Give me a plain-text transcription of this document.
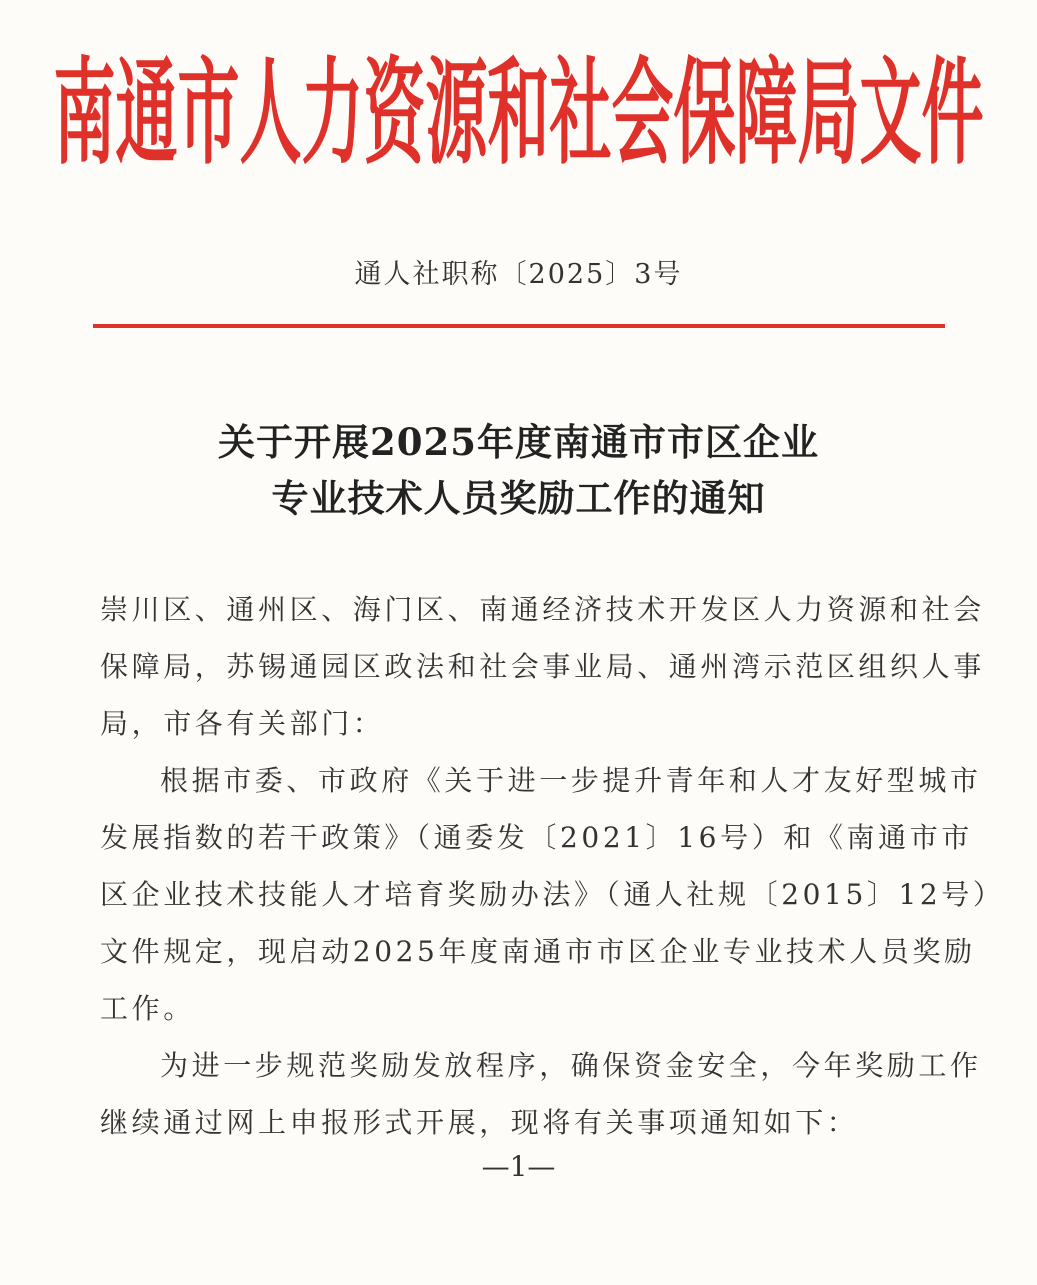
南通市人力资源和社会保障局文件
通人社职称〔2025〕3号
关于开展2025年度南通市市区企业
专业技术人员奖励工作的通知
崇川区、通州区、海门区、南通经济技术开发区人力资源和社会
保障局，苏锡通园区政法和社会事业局、通州湾示范区组织人事
局，市各有关部门：
根据市委、市政府《关于进一步提升青年和人才友好型城市
发展指数的若干政策》（通委发〔2021〕16号）和《南通市市
区企业技术技能人才培育奖励办法》（通人社规〔2015〕12号）
文件规定，现启动2025年度南通市市区企业专业技术人员奖励
工作。
为进一步规范奖励发放程序，确保资金安全，今年奖励工作
继续通过网上申报形式开展，现将有关事项通知如下：
—1—
